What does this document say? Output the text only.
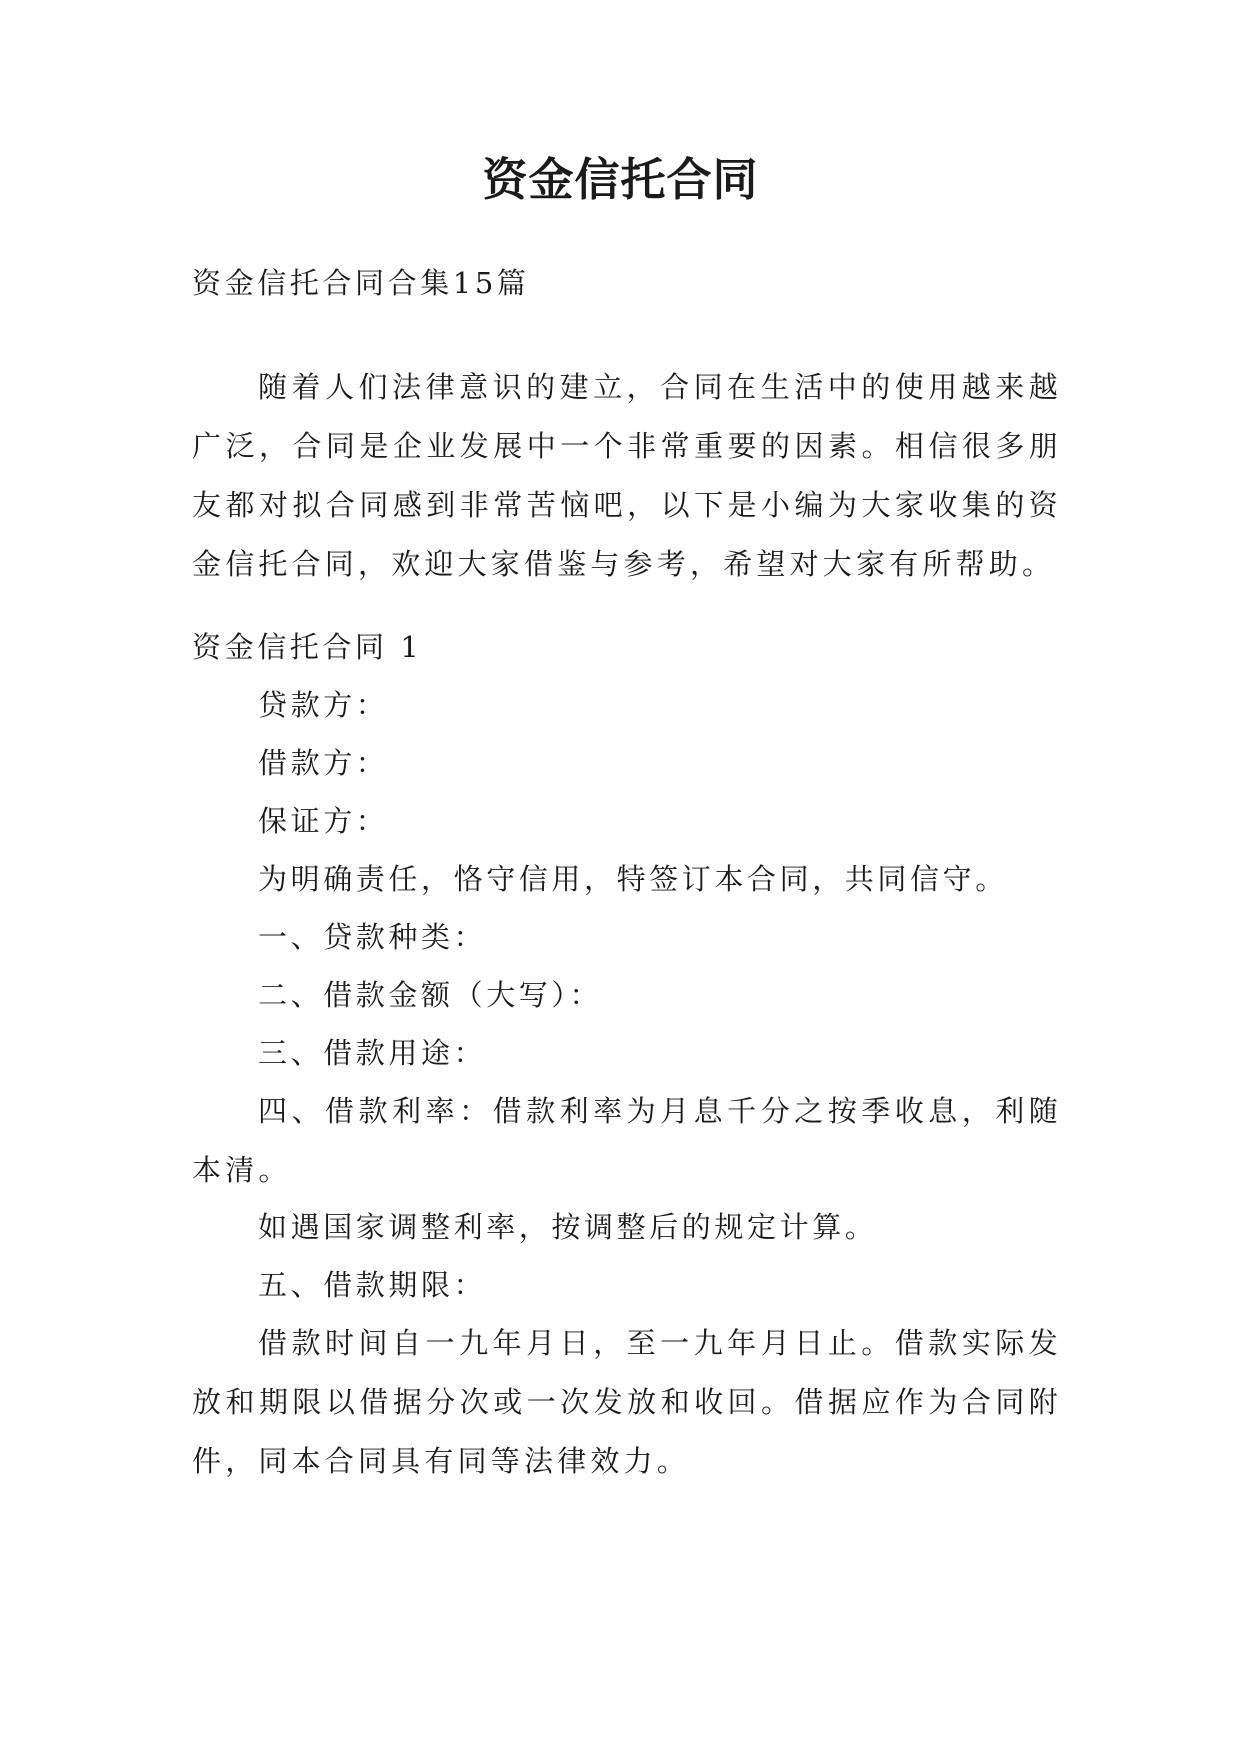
资金信托合同

资金信托合同合集15篇

随着人们法律意识的建立，合同在生活中的使用越来越广泛，合同是企业发展中一个非常重要的因素。相信很多朋友都对拟合同感到非常苦恼吧，以下是小编为大家收集的资金信托合同，欢迎大家借鉴与参考，希望对大家有所帮助。

资金信托合同 1

贷款方：

借款方：

保证方：

为明确责任，恪守信用，特签订本合同，共同信守。

一、贷款种类：

二、借款金额（大写）：

三、借款用途：

四、借款利率：借款利率为月息千分之按季收息，利随本清。

如遇国家调整利率，按调整后的规定计算。

五、借款期限：

借款时间自一九年月日，至一九年月日止。借款实际发放和期限以借据分次或一次发放和收回。借据应作为合同附件，同本合同具有同等法律效力。
